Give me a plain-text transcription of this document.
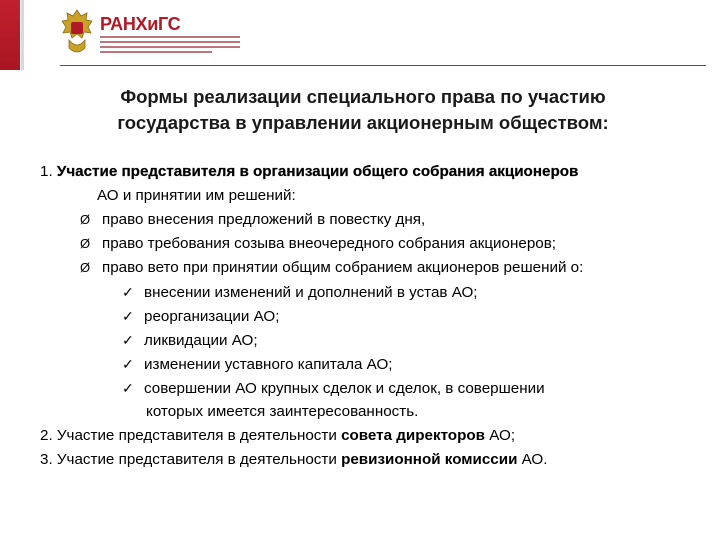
РАНХиГС
Формы реализации специального права по участию
государства в управлении акционерным обществом:
1. Участие представителя в организации общего собрания акционеров
АО и принятии им решений:
Ø право внесения предложений в повестку дня,
Ø право требования созыва внеочередного собрания акционеров;
Ø право вето при принятии общим собранием акционеров решений о:
✓ внесении изменений и дополнений в устав АО;
✓ реорганизации АО;
✓ ликвидации АО;
✓ изменении уставного капитала АО;
✓ совершении АО крупных сделок и сделок, в совершении
которых имеется заинтересованность.
2. Участие представителя в деятельности совета директоров АО;
3. Участие представителя в деятельности ревизионной комиссии АО.
